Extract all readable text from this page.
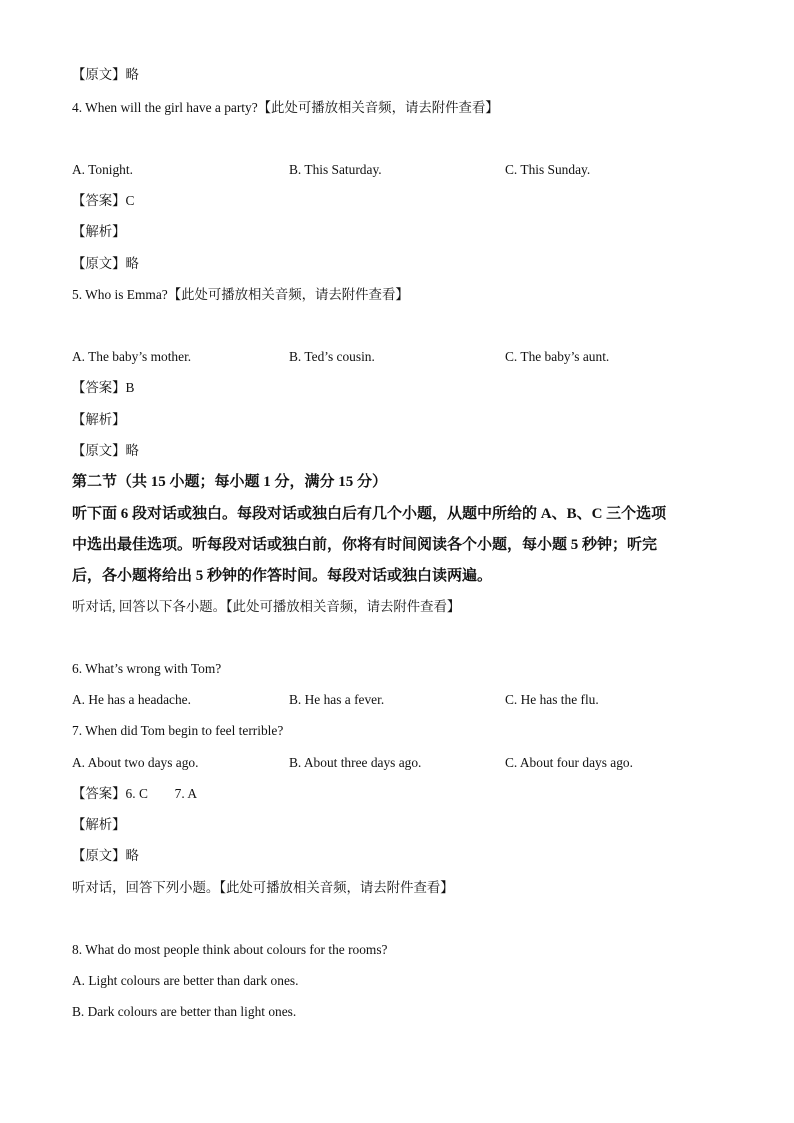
【原文】略
4. When will the girl have a party?【此处可播放相关音频，请去附件查看】
A. Tonight.	B. This Saturday.	C. This Sunday.
【答案】C
【解析】
【原文】略
5. Who is Emma?【此处可播放相关音频，请去附件查看】
A. The baby’s mother.	B. Ted’s cousin.	C. The baby’s aunt.
【答案】B
【解析】
【原文】略
第二节（共 15 小题；每小题 1 分，满分 15 分）
听下面 6 段对话或独白。每段对话或独白后有几个小题，从题中所给的 A、B、C 三个选项
中选出最佳选项。听每段对话或独白前，你将有时间阅读各个小题，每小题 5 秒钟；听完
后，各小题将给出 5 秒钟的作答时间。每段对话或独白读两遍。
听对话, 回答以下各小题。【此处可播放相关音频，请去附件查看】
6. What’s wrong with Tom?
A. He has a headache.	B. He has a fever.	C. He has the flu.
7. When did Tom begin to feel terrible?
A. About two days ago.	B. About three days ago.	C. About four days ago.
【答案】6. C        7. A
【解析】
【原文】略
听对话，回答下列小题。【此处可播放相关音频，请去附件查看】
8. What do most people think about colours for the rooms?
A. Light colours are better than dark ones.
B. Dark colours are better than light ones.
